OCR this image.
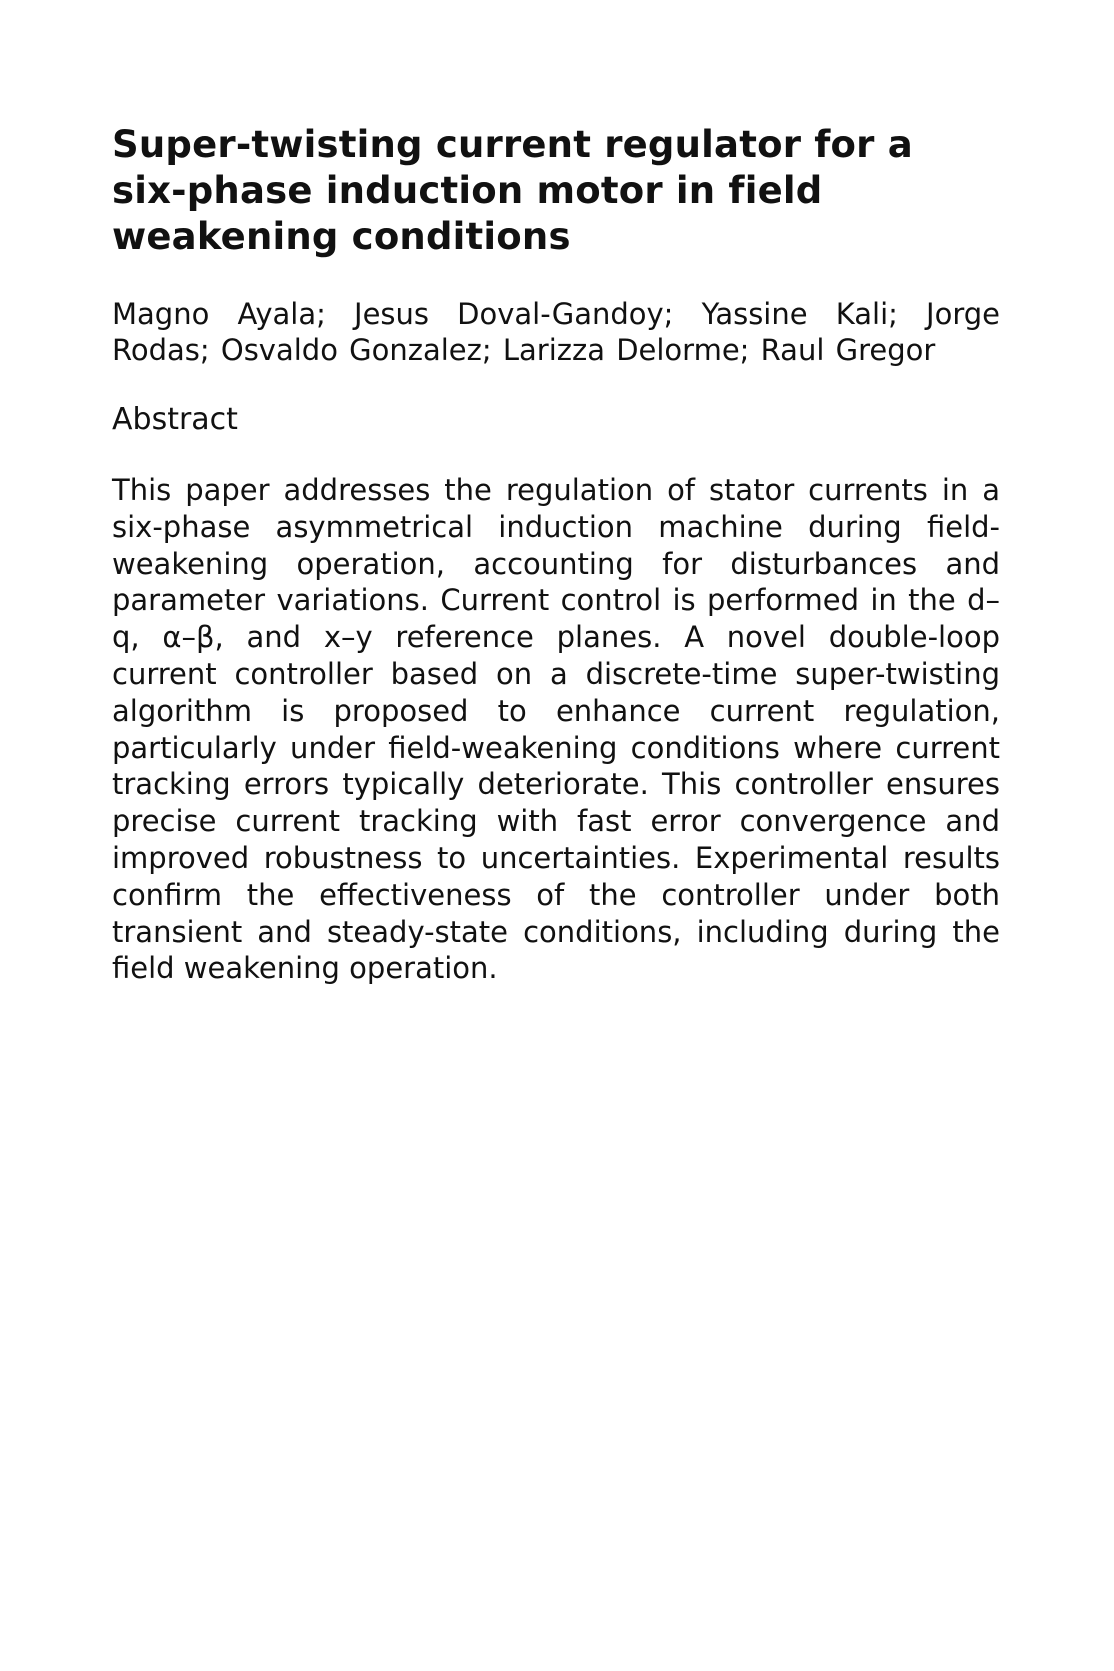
Super-twisting current regulator for a six-phase induction motor in field weakening conditions

Magno Ayala; Jesus Doval-Gandoy; Yassine Kali; Jorge Rodas; Osvaldo Gonzalez; Larizza Delorme; Raul Gregor

Abstract

This paper addresses the regulation of stator currents in a six-phase asymmetrical induction machine during field-weakening operation, accounting for disturbances and parameter variations. Current control is performed in the d–q, α–β, and x–y reference planes. A novel double-loop current controller based on a discrete-time super-twisting algorithm is proposed to enhance current regulation, particularly under field-weakening conditions where current tracking errors typically deteriorate. This controller ensures precise current tracking with fast error convergence and improved robustness to uncertainties. Experimental results confirm the effectiveness of the controller under both transient and steady-state conditions, including during the field weakening operation.
